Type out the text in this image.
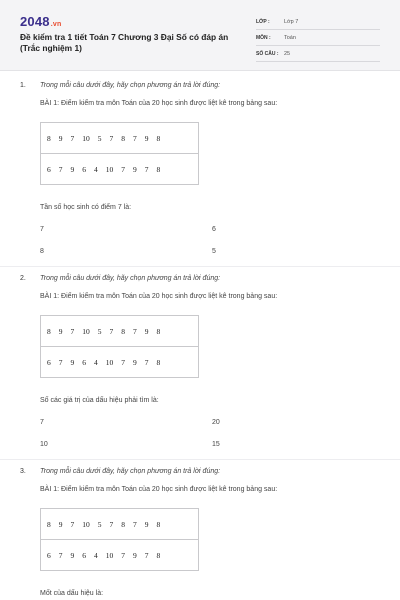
2048.vn
Đề kiểm tra 1 tiết Toán 7 Chương 3 Đại Số có đáp án (Trắc nghiệm 1)
LỚP :	Lớp 7
MÔN :	Toán
SỐ CÂU :	25
1. Trong mỗi câu dưới đây, hãy chọn phương án trả lời đúng:
BÀI 1: Điểm kiểm tra môn Toán của 20 học sinh được liệt kê trong bảng sau:
8 9 7 10 5 7 8 7 9 8
6 7 9 6 4 10 7 9 7 8
Tần số học sinh có điểm 7 là:
7	6
8	5
2. Trong mỗi câu dưới đây, hãy chọn phương án trả lời đúng:
BÀI 1: Điểm kiểm tra môn Toán của 20 học sinh được liệt kê trong bảng sau:
8 9 7 10 5 7 8 7 9 8
6 7 9 6 4 10 7 9 7 8
Số các giá trị của dấu hiệu phải tìm là:
7	20
10	15
3. Trong mỗi câu dưới đây, hãy chọn phương án trả lời đúng:
BÀI 1: Điểm kiểm tra môn Toán của 20 học sinh được liệt kê trong bảng sau:
8 9 7 10 5 7 8 7 9 8
6 7 9 6 4 10 7 9 7 8
Mốt của dấu hiệu là:
